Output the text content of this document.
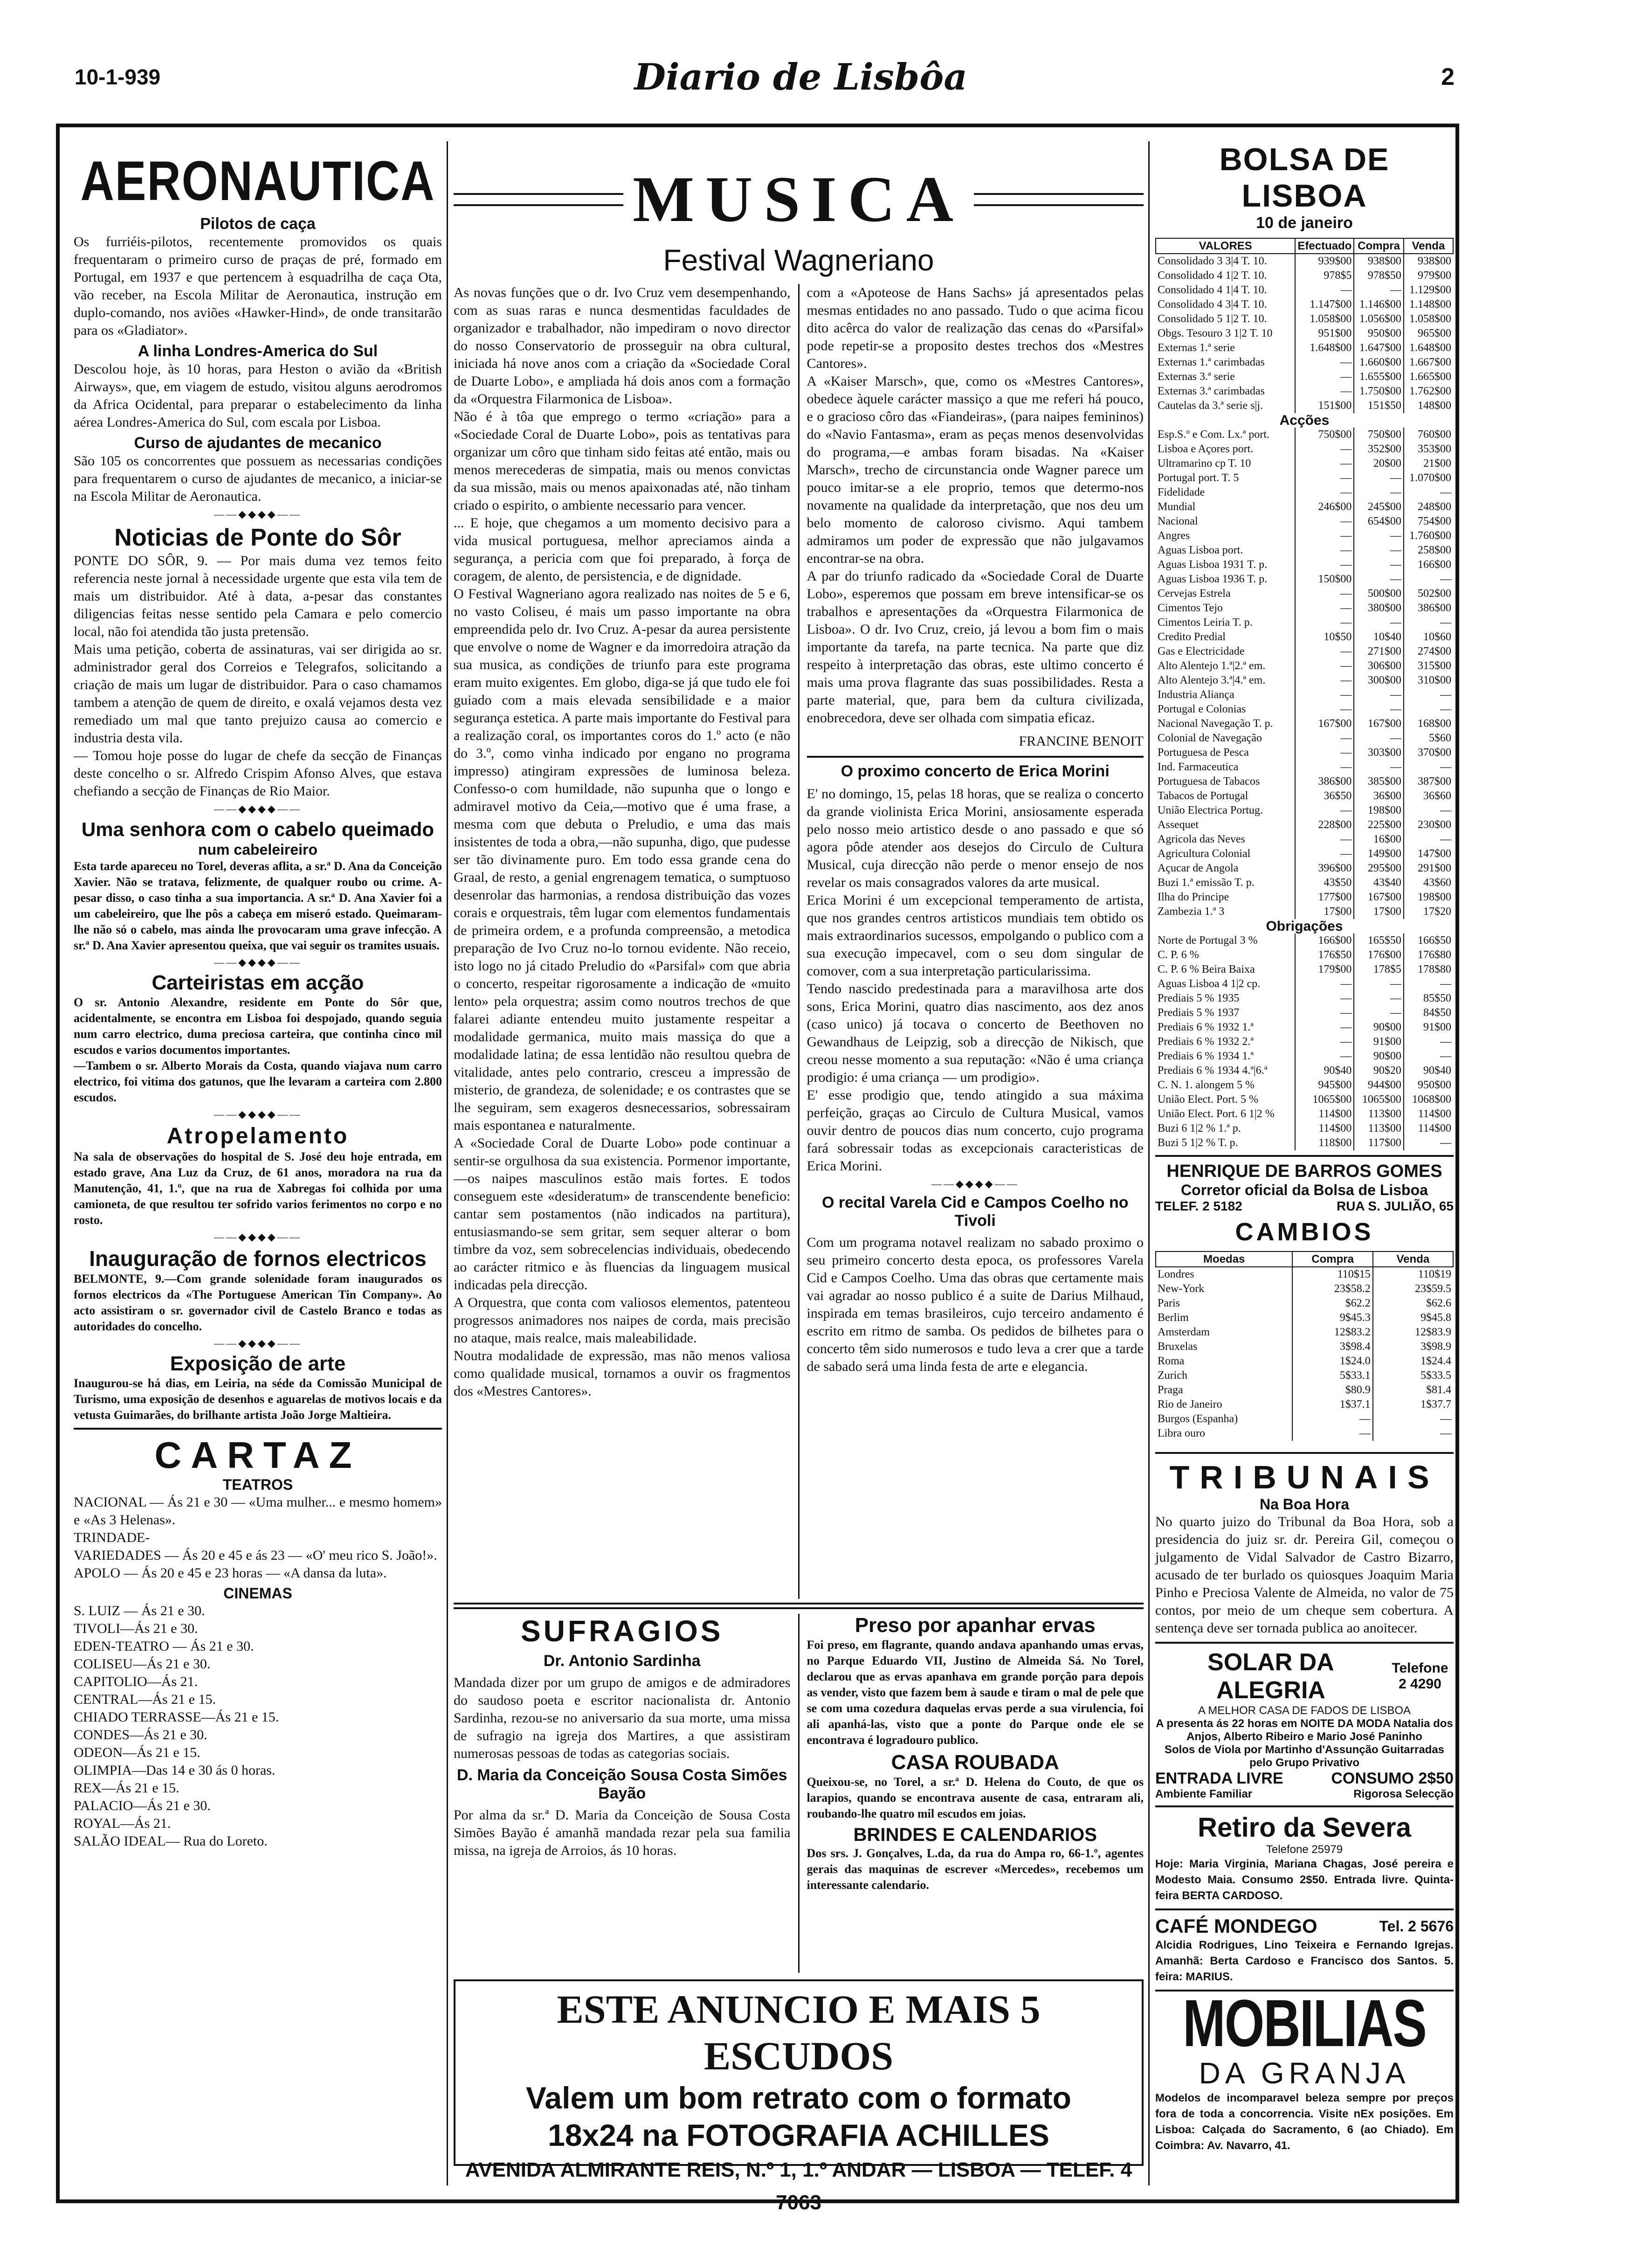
10-1-939	Diario de Lisbôa	2
AERONAUTICA
Pilotos de caça

Os furriéis-pilotos, recentemente promovidos os quais frequentaram o primeiro curso de praças de pré, formado em Portugal, em 1937 e que pertencem à esquadrilha de caça Ota, vão receber, na Escola Militar de Aeronautica, instrução em duplo-comando, nos aviões «Hawker-Hind», de onde transitarão para os «Gladiator».

A linha Londres-America do Sul

Descolou hoje, às 10 horas, para Heston o avião da «British Airways», que, em viagem de estudo, visitou alguns aerodromos da Africa Ocidental, para preparar o estabelecimento da linha aérea Londres-America do Sul, com escala por Lisboa.

Curso de ajudantes de mecanico

São 105 os concorrentes que possuem as necessarias condições para frequentarem o curso de ajudantes de mecanico, a iniciar-se na Escola Militar de Aeronautica.

——◆◆◆◆——
Noticias de Ponte do Sôr

PONTE DO SÔR, 9. — Por mais duma vez temos feito referencia neste jornal à necessidade urgente que esta vila tem de mais um distribuidor. Até à data, a-pesar das constantes diligencias feitas nesse sentido pela Camara e pelo comercio local, não foi atendida tão justa pretensão.

Mais uma petição, coberta de assinaturas, vai ser dirigida ao sr. administrador geral dos Correios e Telegrafos, solicitando a criação de mais um lugar de distribuidor. Para o caso chamamos tambem a atenção de quem de direito, e oxalá vejamos desta vez remediado um mal que tanto prejuizo causa ao comercio e industria desta vila.

— Tomou hoje posse do lugar de chefe da secção de Finanças deste concelho o sr. Alfredo Crispim Afonso Alves, que estava chefiando a secção de Finanças de Rio Maior.

——◆◆◆◆——
Uma senhora com o cabelo queimado
num cabeleireiro

Esta tarde apareceu no Torel, deveras aflita, a sr.ª D. Ana da Conceição Xavier. Não se tratava, felizmente, de qualquer roubo ou crime. A-pesar disso, o caso tinha a sua importancia. A sr.ª D. Ana Xavier foi a um cabeleireiro, que lhe pôs a cabeça em miseró estado. Queimaram-lhe não só o cabelo, mas ainda lhe provocaram uma grave infecção. A sr.ª D. Ana Xavier apresentou queixa, que vai seguir os tramites usuais.

——◆◆◆◆——
Carteiristas em acção

O sr. Antonio Alexandre, residente em Ponte do Sôr que, acidentalmente, se encontra em Lisboa foi despojado, quando seguia num carro electrico, duma preciosa carteira, que continha cinco mil escudos e varios documentos importantes.

—Tambem o sr. Alberto Morais da Costa, quando viajava num carro electrico, foi vitima dos gatunos, que lhe levaram a carteira com 2.800 escudos.

——◆◆◆◆——
Atropelamento

Na sala de observações do hospital de S. José deu hoje entrada, em estado grave, Ana Luz da Cruz, de 61 anos, moradora na rua da Manutenção, 41, 1.º, que na rua de Xabregas foi colhida por uma camioneta, de que resultou ter sofrido varios ferimentos no corpo e no rosto.

——◆◆◆◆——
Inauguração de fornos electricos

BELMONTE, 9.—Com grande solenidade foram inaugurados os fornos electricos da «The Portuguese American Tin Company». Ao acto assistiram o sr. governador civil de Castelo Branco e todas as autoridades do concelho.

——◆◆◆◆——
Exposição de arte

Inaugurou-se há dias, em Leiria, na séde da Comissão Municipal de Turismo, uma exposição de desenhos e aguarelas de motivos locais e da vetusta Guimarães, do brilhante artista João Jorge Maltieira.

CARTAZ
TEATROS
NACIONAL — Ás 21 e 30 — «Uma mulher... e mesmo homem» e «As 3 Helenas».
TRINDADE-
VARIEDADES — Ás 20 e 45 e ás 23 — «O' meu rico S. João!».
APOLO — Ás 20 e 45 e 23 horas — «A dansa da luta».
CINEMAS
S. LUIZ — Ás 21 e 30.
TIVOLI—Ás 21 e 30.
EDEN-TEATRO — Ás 21 e 30.
COLISEU—Ás 21 e 30.
CAPITOLIO—Ás 21.
CENTRAL—Ás 21 e 15.
CHIADO TERRASSE—Ás 21 e 15.
CONDES—Ás 21 e 30.
ODEON—Ás 21 e 15.
OLIMPIA—Das 14 e 30 ás 0 horas.
REX—Ás 21 e 15.
PALACIO—Ás 21 e 30.
ROYAL—Ás 21.
SALÃO IDEAL— Rua do Loreto.
MUSICA
Festival Wagneriano

As novas funções que o dr. Ivo Cruz vem desempenhando, com as suas raras e nunca desmentidas faculdades de organizador e trabalhador, não impediram o novo director do nosso Conservatorio de prosseguir na obra cultural, iniciada há nove anos com a criação da «Sociedade Coral de Duarte Lobo», e ampliada há dois anos com a formação da «Orquestra Filarmonica de Lisboa».

Não é à tôa que emprego o termo «criação» para a «Sociedade Coral de Duarte Lobo», pois as tentativas para organizar um côro que tinham sido feitas até então, mais ou menos merecederas de simpatia, mais ou menos convictas da sua missão, mais ou menos apaixonadas até, não tinham criado o espirito, o ambiente necessario para vencer.

... E hoje, que chegamos a um momento decisivo para a vida musical portuguesa, melhor apreciamos ainda a segurança, a pericia com que foi preparado, à força de coragem, de alento, de persistencia, e de dignidade.

O Festival Wagneriano agora realizado nas noites de 5 e 6, no vasto Coliseu, é mais um passo importante na obra empreendida pelo dr. Ivo Cruz. A-pesar da aurea persistente que envolve o nome de Wagner e da imorredoira atração da sua musica, as condições de triunfo para este programa eram muito exigentes. Em globo, diga-se já que tudo ele foi guiado com a mais elevada sensibilidade e a maior segurança estetica. A parte mais importante do Festival para a realização coral, os importantes coros do 1.º acto (e não do 3.º, como vinha indicado por engano no programa impresso) atingiram expressões de luminosa beleza. Confesso-o com humildade, não supunha que o longo e admiravel motivo da Ceia,—motivo que é uma frase, a mesma com que debuta o Preludio, e uma das mais insistentes de toda a obra,—não supunha, digo, que pudesse ser tão divinamente puro. Em todo essa grande cena do Graal, de resto, a genial engrenagem tematica, o sumptuoso desenrolar das harmonias, a rendosa distribuição das vozes corais e orquestrais, têm lugar com elementos fundamentais de primeira ordem, e a profunda compreensão, a metodica preparação de Ivo Cruz no-lo tornou evidente. Não receio, isto logo no já citado Preludio do «Parsifal» com que abria o concerto, respeitar rigorosamente a indicação de «muito lento» pela orquestra; assim como noutros trechos de que falarei adiante entendeu muito justamente respeitar a modalidade germanica, muito mais massiça do que a modalidade latina; de essa lentidão não resultou quebra de vitalidade, antes pelo contrario, cresceu a impressão de misterio, de grandeza, de solenidade; e os contrastes que se lhe seguiram, sem exageros desnecessarios, sobressairam mais espontanea e naturalmente.

A «Sociedade Coral de Duarte Lobo» pode continuar a sentir-se orgulhosa da sua existencia. Pormenor importante,—os naipes masculinos estão mais fortes. E todos conseguem este «desideratum» de transcendente beneficio: cantar sem postamentos (não indicados na partitura), entusiasmando-se sem gritar, sem sequer alterar o bom timbre da voz, sem sobrecelencias individuais, obedecendo ao carácter ritmico e às fluencias da linguagem musical indicadas pela direcção.

A Orquestra, que conta com valiosos elementos, patenteou progressos animadores nos naipes de corda, mais precisão no ataque, mais realce, mais maleabilidade.

Noutra modalidade de expressão, mas não menos valiosa como qualidade musical, tornamos a ouvir os fragmentos dos «Mestres Cantores».

com a «Apoteose de Hans Sachs» já apresentados pelas mesmas entidades no ano passado. Tudo o que acima ficou dito acêrca do valor de realização das cenas do «Parsifal» pode repetir-se a proposito destes trechos dos «Mestres Cantores».

A «Kaiser Marsch», que, como os «Mestres Cantores», obedece àquele carácter massiço a que me referi há pouco, e o gracioso côro das «Fiandeiras», (para naipes femininos) do «Navio Fantasma», eram as peças menos desenvolvidas do programa,—e ambas foram bisadas. Na «Kaiser Marsch», trecho de circunstancia onde Wagner parece um pouco imitar-se a ele proprio, temos que determo-nos novamente na qualidade da interpretação, que nos deu um belo momento de caloroso civismo. Aqui tambem admiramos um poder de expressão que não julgavamos encontrar-se na obra.

A par do triunfo radicado da «Sociedade Coral de Duarte Lobo», esperemos que possam em breve intensificar-se os trabalhos e apresentações da «Orquestra Filarmonica de Lisboa». O dr. Ivo Cruz, creio, já levou a bom fim o mais importante da tarefa, na parte tecnica. Na parte que diz respeito à interpretação das obras, este ultimo concerto é mais uma prova flagrante das suas possibilidades. Resta a parte material, que, para bem da cultura civilizada, enobrecedora, deve ser olhada com simpatia eficaz.

FRANCINE BENOIT
O proximo concerto de Erica Morini

E' no domingo, 15, pelas 18 horas, que se realiza o concerto da grande violinista Erica Morini, ansiosamente esperada pelo nosso meio artistico desde o ano passado e que só agora pôde atender aos desejos do Circulo de Cultura Musical, cuja direcção não perde o menor ensejo de nos revelar os mais consagrados valores da arte musical.

Erica Morini é um excepcional temperamento de artista, que nos grandes centros artisticos mundiais tem obtido os mais extraordinarios sucessos, empolgando o publico com a sua execução impecavel, com o seu dom singular de comover, com a sua interpretação particularissima.

Tendo nascido predestinada para a maravilhosa arte dos sons, Erica Morini, quatro dias nascimento, aos dez anos (caso unico) já tocava o concerto de Beethoven no Gewandhaus de Leipzig, sob a direcção de Nikisch, que creou nesse momento a sua reputação: «Não é uma criança prodigio: é uma criança — um prodigio».

E' esse prodigio que, tendo atingido a sua máxima perfeição, graças ao Circulo de Cultura Musical, vamos ouvir dentro de poucos dias num concerto, cujo programa fará sobressair todas as excepcionais caracteristicas de Erica Morini.

——◆◆◆◆——
O recital Varela Cid e Campos Coelho no Tivoli

Com um programa notavel realizam no sabado proximo o seu primeiro concerto desta epoca, os professores Varela Cid e Campos Coelho. Uma das obras que certamente mais vai agradar ao nosso publico é a suite de Darius Milhaud, inspirada em temas brasileiros, cujo terceiro andamento é escrito em ritmo de samba. Os pedidos de bilhetes para o concerto têm sido numerosos e tudo leva a crer que a tarde de sabado será uma linda festa de arte e elegancia.

SUFRAGIOS
Dr. Antonio Sardinha

Mandada dizer por um grupo de amigos e de admiradores do saudoso poeta e escritor nacionalista dr. Antonio Sardinha, rezou-se no aniversario da sua morte, uma missa de sufragio na igreja dos Martires, a que assistiram numerosas pessoas de todas as categorias sociais.

D. Maria da Conceição Sousa Costa Simões Bayão

Por alma da sr.ª D. Maria da Conceição de Sousa Costa Simões Bayão é amanhã mandada rezar pela sua familia missa, na igreja de Arroios, ás 10 horas.

Preso por apanhar ervas

Foi preso, em flagrante, quando andava apanhando umas ervas, no Parque Eduardo VII, Justino de Almeida Sá. No Torel, declarou que as ervas apanhava em grande porção para depois as vender, visto que fazem bem à saude e tiram o mal de pele que se com uma cozedura daquelas ervas perde a sua virulencia, foi ali apanhá-las, visto que a ponte do Parque onde ele se encontrava é logradouro publico.

CASA ROUBADA

Queixou-se, no Torel, a sr.ª D. Helena do Couto, de que os larapios, quando se encontrava ausente de casa, entraram ali, roubando-lhe quatro mil escudos em joias.

BRINDES E CALENDARIOS

Dos srs. J. Gonçalves, L.da, da rua do Ampa ro, 66-1.º, agentes gerais das maquinas de escrever «Mercedes», recebemos um interessante calendario.

ESTE ANUNCIO E MAIS 5 ESCUDOS
Valem um bom retrato com o formato
18x24 na FOTOGRAFIA ACHILLES
AVENIDA ALMIRANTE REIS, N.º 1, 1.º ANDAR — LISBOA — TELEF. 4 7063
BOLSA DE LISBOA
10 de janeiro
VALORES	Efectuado	Compra	Venda
Consolidado 3 3|4 T. 10.	939$00	938$00	938$00
Consolidado 4 1|2 T. 10.	978$5	978$50	979$00
Consolidado 4 1|4 T. 10.	—	—	1.129$00
Consolidado 4 3|4 T. 10.	1.147$00	1.146$00	1.148$00
Consolidado 5 1|2 T. 10.	1.058$00	1.056$00	1.058$00
Obgs. Tesouro 3 1|2 T. 10	951$00	950$00	965$00
Externas 1.ª serie	1.648$00	1.647$00	1.648$00
Externas 1.ª carimbadas	—	1.660$00	1.667$00
Externas 3.ª serie	—	1.655$00	1.665$00
Externas 3.ª carimbadas	—	1.750$00	1.762$00
Cautelas da 3.ª serie s|j.	151$00	151$50	148$00
Acções			
Esp.S.º e Com. Lx.ª port.	750$00	750$00	760$00
Lisboa e Açores port.	—	352$00	353$00
Ultramarino cp T. 10	—	20$00	21$00
Portugal port. T. 5	—	—	1.070$00
Fidelidade	—	—	—
Mundial	246$00	245$00	248$00
Nacional	—	654$00	754$00
Angres	—	—	1.760$00
Aguas Lisboa port.	—	—	258$00
Aguas Lisboa 1931 T. p.	—	—	166$00
Aguas Lisboa 1936 T. p.	150$00	—	—
Cervejas Estrela	—	500$00	502$00
Cimentos Tejo	—	380$00	386$00
Cimentos Leiria T. p.	—	—	—
Credito Predial	10$50	10$40	10$60
Gas e Electricidade	—	271$00	274$00
Alto Alentejo 1.ª|2.ª em.	—	306$00	315$00
Alto Alentejo 3.ª|4.ª em.	—	300$00	310$00
Industria Aliança	—	—	—
Portugal e Colonias	—	—	—
Nacional Navegação T. p.	167$00	167$00	168$00
Colonial de Navegação	—	—	5$60
Portuguesa de Pesca	—	303$00	370$00
Ind. Farmaceutica	—	—	—
Portuguesa de Tabacos	386$00	385$00	387$00
Tabacos de Portugal	36$50	36$00	36$60
União Electrica Portug.	—	198$00	—
Assequet	228$00	225$00	230$00
Agricola das Neves	—	16$00	—
Agricultura Colonial	—	149$00	147$00
Açucar de Angola	396$00	295$00	291$00
Buzi 1.ª emissão T. p.	43$50	43$40	43$60
Ilha do Principe	177$00	167$00	198$00
Zambezia 1.ª 3	17$00	17$00	17$20
Obrigações			
Norte de Portugal 3 %	166$00	165$50	166$50
C. P. 6 %	176$50	176$00	176$80
C. P. 6 % Beira Baixa	179$00	178$5	178$80
Aguas Lisboa 4 1|2 cp.	—	—	—
Prediais 5 % 1935	—	—	85$50
Prediais 5 % 1937	—	—	84$50
Prediais 6 % 1932 1.ª	—	90$00	91$00
Prediais 6 % 1932 2.ª	—	91$00	—
Prediais 6 % 1934 1.ª	—	90$00	—
Prediais 6 % 1934 4.ª|6.ª	90$40	90$20	90$40
C. N. 1. alongem 5 %	945$00	944$00	950$00
União Elect. Port. 5 %	1065$00	1065$00	1068$00
União Elect. Port. 6 1|2 %	114$00	113$00	114$00
Buzi 6 1|2 % 1.ª p.	114$00	113$00	114$00
Buzi 5 1|2 % T. p.	118$00	117$00	—
HENRIQUE DE BARROS GOMES
Corretor oficial da Bolsa de Lisboa
TELEF. 2 5182	RUA S. JULIÃO, 65
CAMBIOS
Moedas	Compra	Venda
Londres	110$15	110$19
New-York	23$58.2	23$59.5
Paris	$62.2	$62.6
Berlim	9$45.3	9$45.8
Amsterdam	12$83.2	12$83.9
Bruxelas	3$98.4	3$98.9
Roma	1$24.0	1$24.4
Zurich	5$33.1	5$33.5
Praga	$80.9	$81.4
Rio de Janeiro	1$37.1	1$37.7
Burgos (Espanha)	—	—
Libra ouro	—	—
TRIBUNAIS
Na Boa Hora

No quarto juizo do Tribunal da Boa Hora, sob a presidencia do juiz sr. dr. Pereira Gil, começou o julgamento de Vidal Salvador de Castro Bizarro, acusado de ter burlado os quiosques Joaquim Maria Pinho e Preciosa Valente de Almeida, no valor de 75 contos, por meio de um cheque sem cobertura. A sentença deve ser tornada publica ao anoitecer.

SOLAR DA ALEGRIA
Telefone 2 4290
A MELHOR CASA DE FADOS DE LISBOA
A presenta ás 22 horas em NOITE DA MODA Natalia dos Anjos, Alberto Ribeiro e Mario José Paninho
Solos de Viola por Martinho d'Assunção Guitarradas pelo Grupo Privativo
ENTRADA LIVRE	CONSUMO 2$50
Ambiente Familiar	Rigorosa Selecção
Retiro da Severa
Telefone 25979

Hoje: Maria Virginia, Mariana Chagas, José pereira e Modesto Maia. Consumo 2$50. Entrada livre. Quinta-feira BERTA CARDOSO.

CAFÉ MONDEGO	Tel. 2 5676

Alcidia Rodrigues, Lino Teixeira e Fernando Igrejas. Amanhã: Berta Cardoso e Francisco dos Santos. 5. feira: MARIUS.

MOBILIAS
DA GRANJA

Modelos de incomparavel beleza sempre por preços fora de toda a concorrencia. Visite nEx posições. Em Lisboa: Calçada do Sacramento, 6 (ao Chiado). Em Coimbra: Av. Navarro, 41.
